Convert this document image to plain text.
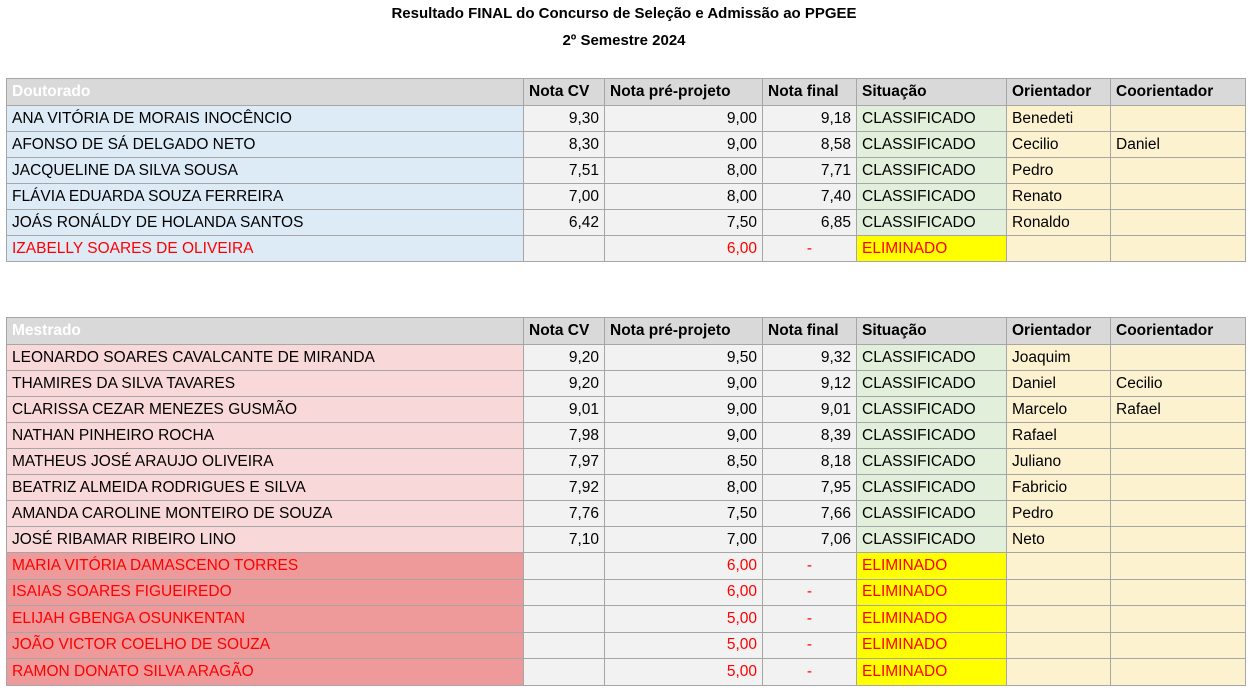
Resultado FINAL do Concurso de Seleção e Admissão ao PPGEE
2º Semestre 2024
Doutorado	Nota CV	Nota pré-projeto	Nota final	Situação	Orientador	Coorientador
ANA VITÓRIA DE MORAIS INOCÊNCIO	9,30	9,00	9,18	CLASSIFICADO	Benedeti	
AFONSO DE SÁ DELGADO NETO	8,30	9,00	8,58	CLASSIFICADO	Cecilio	Daniel
JACQUELINE DA SILVA SOUSA	7,51	8,00	7,71	CLASSIFICADO	Pedro	
FLÁVIA EDUARDA SOUZA FERREIRA	7,00	8,00	7,40	CLASSIFICADO	Renato	
JOÁS RONÁLDY DE HOLANDA SANTOS	6,42	7,50	6,85	CLASSIFICADO	Ronaldo	
IZABELLY SOARES DE OLIVEIRA		6,00	-	ELIMINADO		
Mestrado	Nota CV	Nota pré-projeto	Nota final	Situação	Orientador	Coorientador
LEONARDO SOARES CAVALCANTE DE MIRANDA	9,20	9,50	9,32	CLASSIFICADO	Joaquim	
THAMIRES DA SILVA TAVARES	9,20	9,00	9,12	CLASSIFICADO	Daniel	Cecilio
CLARISSA CEZAR MENEZES GUSMÃO	9,01	9,00	9,01	CLASSIFICADO	Marcelo	Rafael
NATHAN PINHEIRO ROCHA	7,98	9,00	8,39	CLASSIFICADO	Rafael	
MATHEUS JOSÉ ARAUJO OLIVEIRA	7,97	8,50	8,18	CLASSIFICADO	Juliano	
BEATRIZ ALMEIDA RODRIGUES E SILVA	7,92	8,00	7,95	CLASSIFICADO	Fabricio	
AMANDA CAROLINE MONTEIRO DE SOUZA	7,76	7,50	7,66	CLASSIFICADO	Pedro	
JOSÉ RIBAMAR RIBEIRO LINO	7,10	7,00	7,06	CLASSIFICADO	Neto	
MARIA VITÓRIA DAMASCENO TORRES		6,00	-	ELIMINADO		
ISAIAS SOARES FIGUEIREDO		6,00	-	ELIMINADO		
ELIJAH GBENGA OSUNKENTAN		5,00	-	ELIMINADO		
JOÃO VICTOR COELHO DE SOUZA		5,00	-	ELIMINADO		
RAMON DONATO SILVA ARAGÃO		5,00	-	ELIMINADO		
